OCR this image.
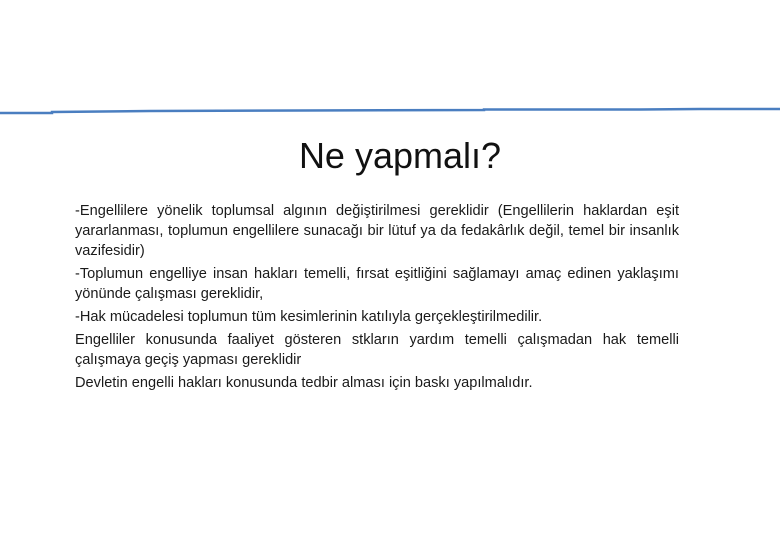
Ne yapmalı?

-Engellilere yönelik toplumsal algının değiştirilmesi gereklidir (Engellilerin haklardan eşit yararlanması, toplumun engellilere sunacağı bir lütuf ya da fedakârlık değil, temel bir insanlık vazifesidir)

-Toplumun engelliye insan hakları temelli, fırsat eşitliğini sağlamayı amaç edinen yaklaşımı yönünde çalışması gereklidir,

-Hak mücadelesi toplumun tüm kesimlerinin katılıyla gerçekleştirilmedilir.

Engelliler konusunda faaliyet gösteren stkların yardım temelli çalışmadan hak temelli çalışmaya geçiş yapması gereklidir

Devletin engelli hakları konusunda tedbir alması için baskı yapılmalıdır.
